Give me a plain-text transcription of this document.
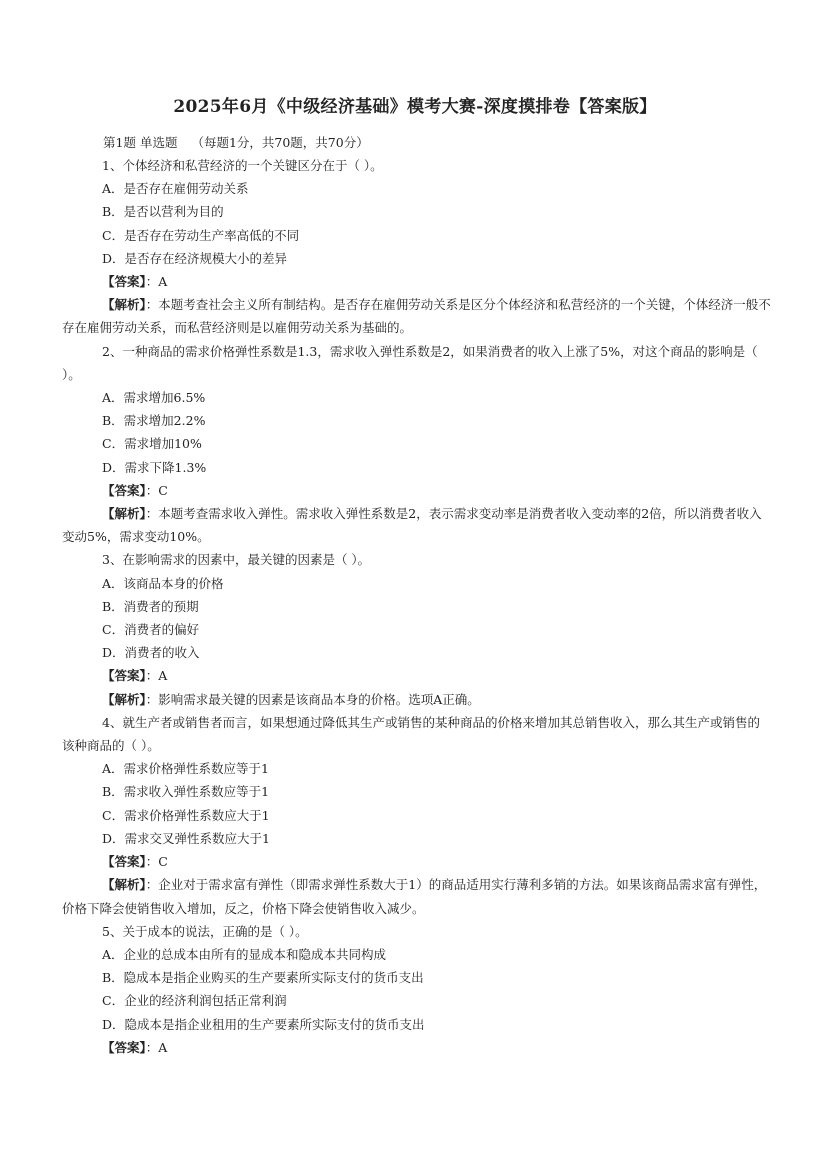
2025年6月《中级经济基础》模考大赛-深度摸排卷【答案版】
第1题 单选题 （每题1分，共70题，共70分）

1、个体经济和私营经济的一个关键区分在于（ ）。

A．是否存在雇佣劳动关系

B．是否以营利为目的

C．是否存在劳动生产率高低的不同

D．是否存在经济规模大小的差异

【答案】：A

【解析】：本题考查社会主义所有制结构。是否存在雇佣劳动关系是区分个体经济和私营经济的一个关键，个体经济一般不存在雇佣劳动关系，而私营经济则是以雇佣劳动关系为基础的。

2、一种商品的需求价格弹性系数是1.3，需求收入弹性系数是2，如果消费者的收入上涨了5%，对这个商品的影响是（ ）。

A．需求增加6.5%

B．需求增加2.2%

C．需求增加10%

D．需求下降1.3%

【答案】：C

【解析】：本题考查需求收入弹性。需求收入弹性系数是2，表示需求变动率是消费者收入变动率的2倍，所以消费者收入变动5%，需求变动10%。

3、在影响需求的因素中，最关键的因素是（ ）。

A．该商品本身的价格

B．消费者的预期

C．消费者的偏好

D．消费者的收入

【答案】：A

【解析】：影响需求最关键的因素是该商品本身的价格。选项A正确。

4、就生产者或销售者而言，如果想通过降低其生产或销售的某种商品的价格来增加其总销售收入，那么其生产或销售的该种商品的（ ）。

A．需求价格弹性系数应等于1

B．需求收入弹性系数应等于1

C．需求价格弹性系数应大于1

D．需求交叉弹性系数应大于1

【答案】：C

【解析】：企业对于需求富有弹性（即需求弹性系数大于1）的商品适用实行薄利多销的方法。如果该商品需求富有弹性，价格下降会使销售收入增加，反之，价格下降会使销售收入减少。

5、关于成本的说法，正确的是（ ）。

A．企业的总成本由所有的显成本和隐成本共同构成

B．隐成本是指企业购买的生产要素所实际支付的货币支出

C．企业的经济利润包括正常利润

D．隐成本是指企业租用的生产要素所实际支付的货币支出

【答案】：A
